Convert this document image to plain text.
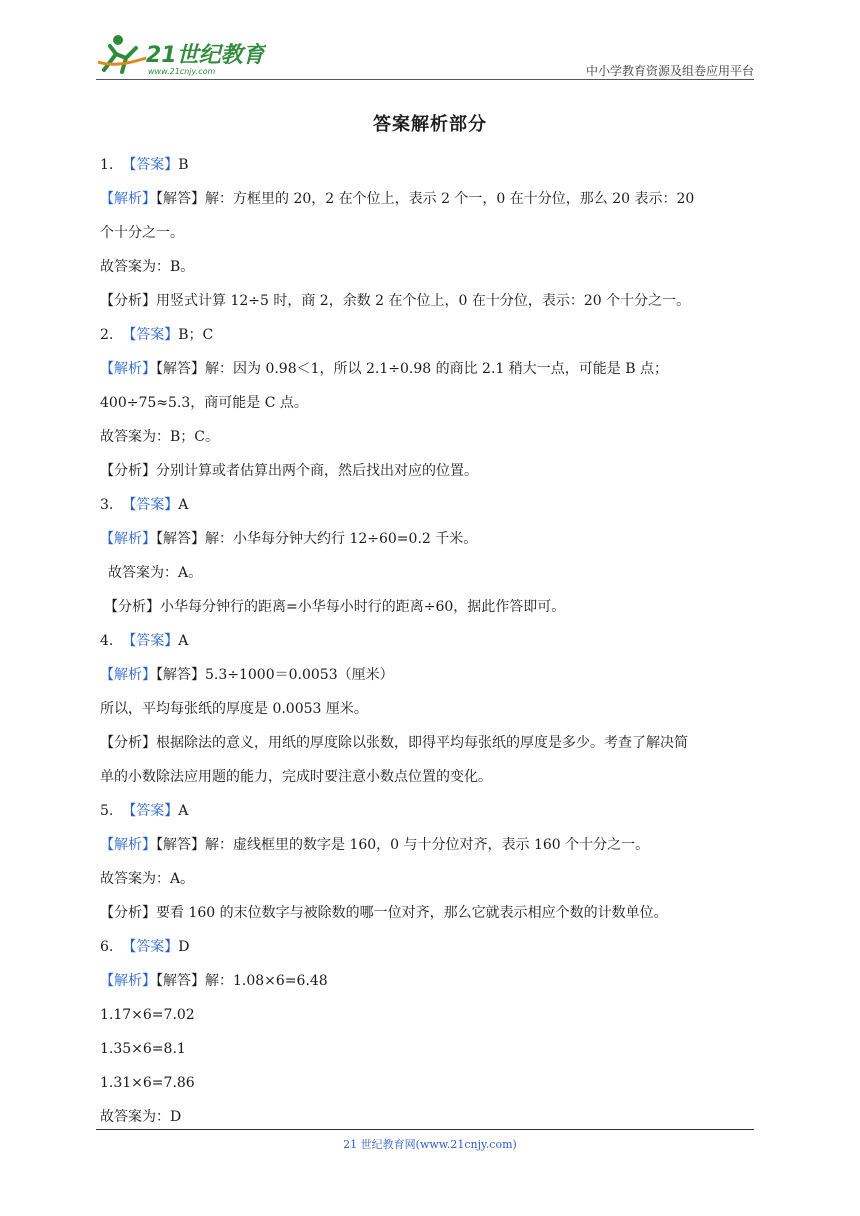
21世纪教育
www.21cnjy.com	中小学教育资源及组卷应用平台
答案解析部分
1. 【答案】B
【解析】【解答】解：方框里的 20，2 在个位上，表示 2 个一，0 在十分位，那么 20 表示：20
个十分之一。
故答案为：B。
【分析】用竖式计算 12÷5 时，商 2，余数 2 在个位上，0 在十分位，表示：20 个十分之一。
2. 【答案】B；C
【解析】【解答】解：因为 0.98＜1，所以 2.1÷0.98 的商比 2.1 稍大一点，可能是 B 点；
400÷75≈5.3，商可能是 C 点。
故答案为：B；C。
【分析】分别计算或者估算出两个商，然后找出对应的位置。
3. 【答案】A
【解析】【解答】解：小华每分钟大约行 12÷60=0.2 千米。
故答案为：A。
【分析】小华每分钟行的距离=小华每小时行的距离÷60，据此作答即可。
4. 【答案】A
【解析】【解答】5.3÷1000＝0.0053（厘米）
所以，平均每张纸的厚度是 0.0053 厘米。
【分析】根据除法的意义，用纸的厚度除以张数，即得平均每张纸的厚度是多少。考查了解决简
单的小数除法应用题的能力，完成时要注意小数点位置的变化。
5. 【答案】A
【解析】【解答】解：虚线框里的数字是 160，0 与十分位对齐，表示 160 个十分之一。
故答案为：A。
【分析】要看 160 的末位数字与被除数的哪一位对齐，那么它就表示相应个数的计数单位。
6. 【答案】D
【解析】【解答】解：1.08×6=6.48
1.17×6=7.02
1.35×6=8.1
1.31×6=7.86
故答案为：D
21 世纪教育网(www.21cnjy.com)
